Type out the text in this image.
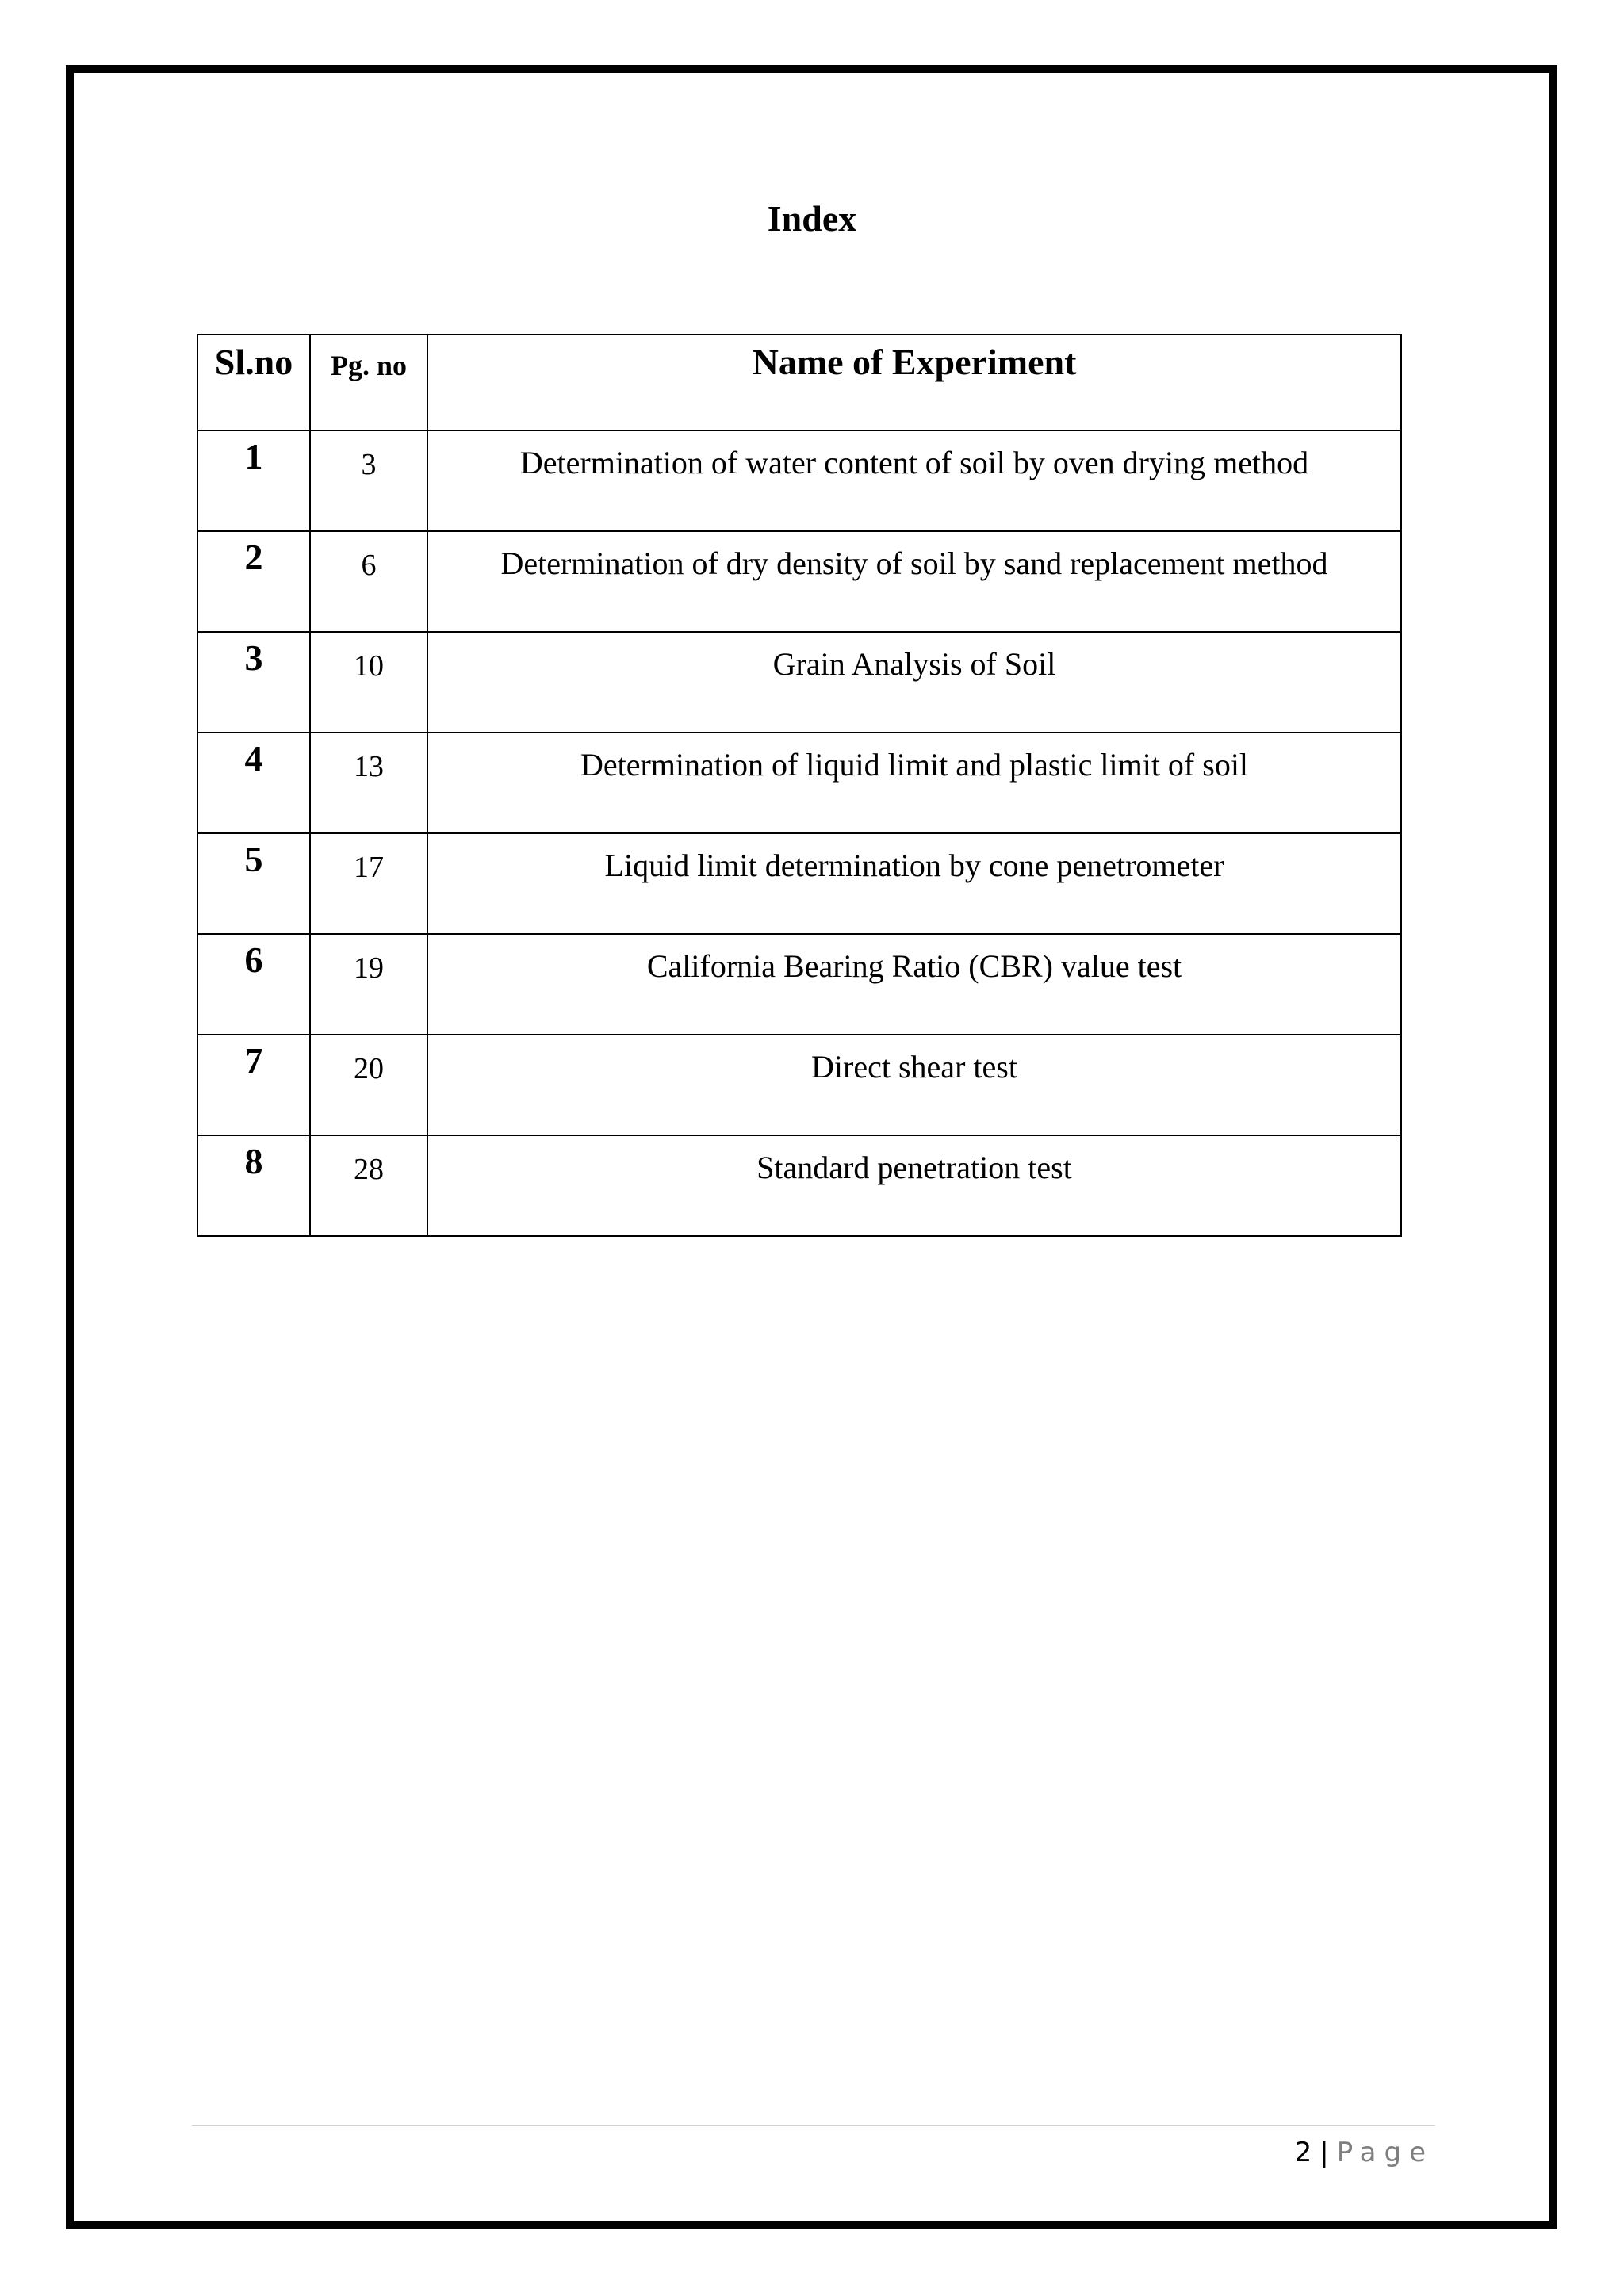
Index
Sl.no	Pg. no	Name of Experiment
1	3	Determination of water content of soil by oven drying method
2	6	Determination of dry density of soil by sand replacement method
3	10	Grain Analysis of Soil
4	13	Determination of liquid limit and plastic limit of soil
5	17	Liquid limit determination by cone penetrometer
6	19	California Bearing Ratio (CBR) value test
7	20	Direct shear test
8	28	Standard penetration test
2 | Page
